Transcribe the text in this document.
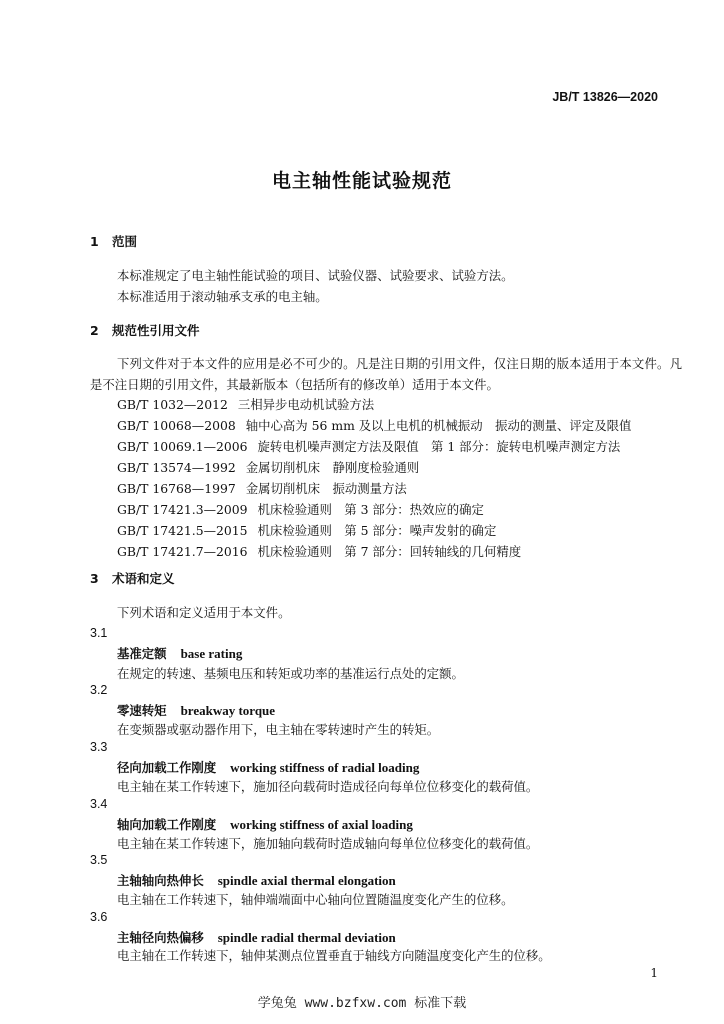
JB/T 13826—2020
电主轴性能试验规范
1 范围
本标准规定了电主轴性能试验的项目、试验仪器、试验要求、试验方法。
本标准适用于滚动轴承支承的电主轴。
2 规范性引用文件
下列文件对于本文件的应用是必不可少的。凡是注日期的引用文件，仅注日期的版本适用于本文件。凡是不注日期的引用文件，其最新版本（包括所有的修改单）适用于本文件。
GB/T 1032—2012 三相异步电动机试验方法
GB/T 10068—2008 轴中心高为 56 mm 及以上电机的机械振动　振动的测量、评定及限值
GB/T 10069.1—2006 旋转电机噪声测定方法及限值　第 1 部分：旋转电机噪声测定方法
GB/T 13574—1992 金属切削机床　静刚度检验通则
GB/T 16768—1997 金属切削机床　振动测量方法
GB/T 17421.3—2009 机床检验通则　第 3 部分：热效应的确定
GB/T 17421.5—2015 机床检验通则　第 5 部分：噪声发射的确定
GB/T 17421.7—2016 机床检验通则　第 7 部分：回转轴线的几何精度
3 术语和定义
下列术语和定义适用于本文件。
3.1
基准定额 base rating
在规定的转速、基频电压和转矩或功率的基准运行点处的定额。
3.2
零速转矩 breakway torque
在变频器或驱动器作用下，电主轴在零转速时产生的转矩。
3.3
径向加载工作刚度 working stiffness of radial loading
电主轴在某工作转速下，施加径向载荷时造成径向每单位位移变化的载荷值。
3.4
轴向加载工作刚度 working stiffness of axial loading
电主轴在某工作转速下，施加轴向载荷时造成轴向每单位位移变化的载荷值。
3.5
主轴轴向热伸长 spindle axial thermal elongation
电主轴在工作转速下，轴伸端端面中心轴向位置随温度变化产生的位移。
3.6
主轴径向热偏移 spindle radial thermal deviation
电主轴在工作转速下，轴伸某测点位置垂直于轴线方向随温度变化产生的位移。
1
学兔兔 www.bzfxw.com 标准下载
